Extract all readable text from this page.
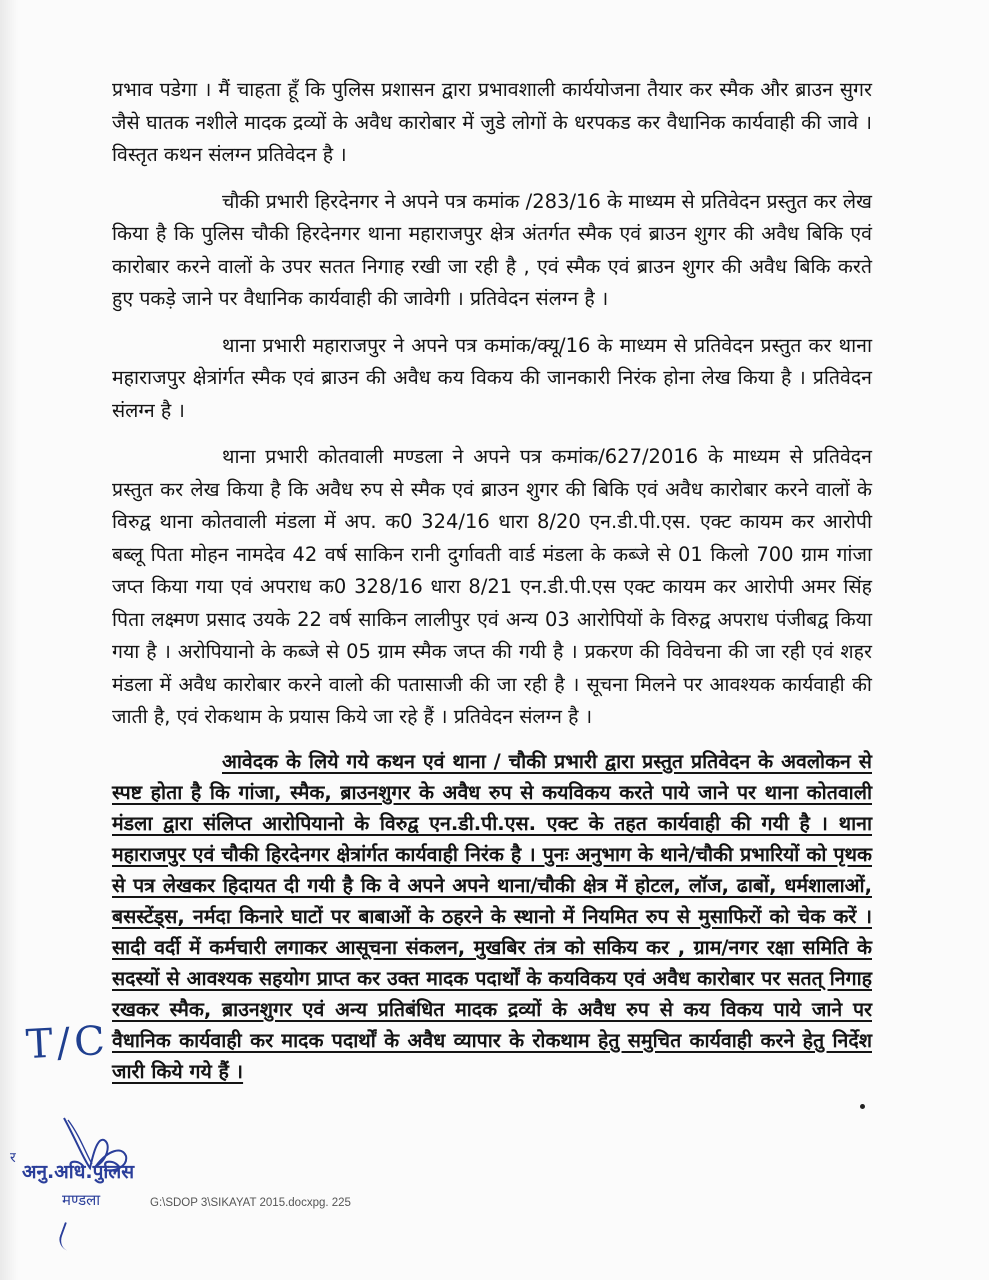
प्रभाव पडेगा । मैं चाहता हूँ कि पुलिस प्रशासन द्वारा प्रभावशाली कार्ययोजना तैयार कर स्मैक और ब्राउन सुगर जैसे घातक नशीले मादक द्रव्यों के अवैध कारोबार में जुडे लोगों के धरपकड कर वैधानिक कार्यवाही की जावे । विस्तृत कथन संलग्न प्रतिवेदन है ।

चौकी प्रभारी हिरदेनगर ने अपने पत्र कमांक /283/16 के माध्यम से प्रतिवेदन प्रस्तुत कर लेख किया है कि पुलिस चौकी हिरदेनगर थाना महाराजपुर क्षेत्र अंतर्गत स्मैक एवं ब्राउन शुगर की अवैध बिकि एवं कारोबार करने वालों के उपर सतत निगाह रखी जा रही है , एवं स्मैक एवं ब्राउन शुगर की अवैध बिकि करते हुए पकड़े जाने पर वैधानिक कार्यवाही की जावेगी । प्रतिवेदन संलग्न है ।

थाना प्रभारी महाराजपुर ने अपने पत्र कमांक/क्यू/16 के माध्यम से प्रतिवेदन प्रस्तुत कर थाना महाराजपुर क्षेत्रांर्गत स्मैक एवं ब्राउन की अवैध कय विकय की जानकारी निरंक होना लेख किया है । प्रतिवेदन संलग्न है ।

थाना प्रभारी कोतवाली मण्डला ने अपने पत्र कमांक/627/2016 के माध्यम से प्रतिवेदन प्रस्तुत कर लेख किया है कि अवैध रुप से स्मैक एवं ब्राउन शुगर की बिकि एवं अवैध कारोबार करने वालों के विरुद्व थाना कोतवाली मंडला में अप. क0 324/16 धारा 8/20 एन.डी.पी.एस. एक्ट कायम कर आरोपी बब्लू पिता मोहन नामदेव 42 वर्ष साकिन रानी दुर्गावती वार्ड मंडला के कब्जे से 01 किलो 700 ग्राम गांजा जप्त किया गया एवं अपराध क0 328/16 धारा 8/21 एन.डी.पी.एस एक्ट कायम कर आरोपी अमर सिंह पिता लक्ष्मण प्रसाद उयके 22 वर्ष साकिन लालीपुर एवं अन्य 03 आरोपियों के विरुद्व अपराध पंजीबद्व किया गया है । अरोपियानो के कब्जे से 05 ग्राम स्मैक जप्त की गयी है । प्रकरण की विवेचना की जा रही एवं शहर मंडला में अवैध कारोबार करने वालो की पतासाजी की जा रही है । सूचना मिलने पर आवश्यक कार्यवाही की जाती है, एवं रोकथाम के प्रयास किये जा रहे हैं । प्रतिवेदन संलग्न है ।

आवेदक के लिये गये कथन एवं थाना / चौकी प्रभारी द्वारा प्रस्तुत प्रतिवेदन के अवलोकन से स्पष्ट होता है कि गांजा, स्मैक, ब्राउनशुगर के अवैध रुप से कयविकय करते पाये जाने पर थाना कोतवाली मंडला द्वारा संलिप्त आरोपियानो के विरुद्व एन.डी.पी.एस. एक्ट के तहत कार्यवाही की गयी है । थाना महाराजपुर एवं चौकी हिरदेनगर क्षेत्रांर्गत कार्यवाही निरंक है । पुनः अनुभाग के थाने/चौकी प्रभारियों को पृथक से पत्र लेखकर हिदायत दी गयी है कि वे अपने अपने थाना/चौकी क्षेत्र में होटल, लॉज, ढाबों, धर्मशालाओं, बसस्टेंड्स, नर्मदा किनारे घाटों पर बाबाओं के ठहरने के स्थानो में नियमित रुप से मुसाफिरों को चेक करें । सादी वर्दी में कर्मचारी लगाकर आसूचना संकलन, मुखबिर तंत्र को सकिय कर , ग्राम/नगर रक्षा समिति के सदस्यों से आवश्यक सहयोग प्राप्त कर उक्त मादक पदार्थों के कयविकय एवं अवैध कारोबार पर सतत् निगाह रखकर स्मैक, ब्राउनशुगर एवं अन्य प्रतिबंधित मादक द्रव्यों के अवैध रुप से कय विकय पाये जाने पर वैधानिक कार्यवाही कर मादक पदार्थों के अवैध व्यापार के रोकथाम हेतु समुचित कार्यवाही करने हेतु निर्देश जारी किये गये हैं ।

T/C
र
अनु.अधि.पुलिस
मण्डला	G:\SDOP 3\SIKAYAT 2015.docxpg. 225
